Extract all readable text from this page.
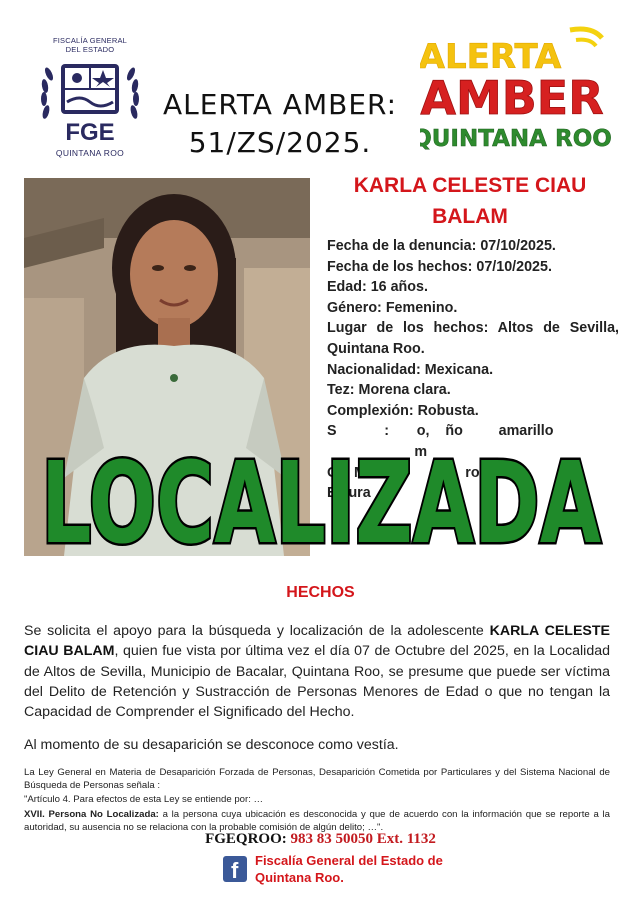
FISCALÍA GENERAL
DEL ESTADO
FGE
QUINTANA ROO
ALERTA AMBER:
51/ZS/2025.
ALERTA
AMBER
QUINTANA ROO
KARLA CELESTE CIAU
BALAM
Fecha de la denuncia: 07/10/2025.
Fecha de los hechos: 07/10/2025.
Edad: 16 años.
Género: Femenino.
Lugar de los hechos: Altos de Sevilla,
Quintana Roo.
Nacionalidad: Mexicana.
Tez: Morena clara.
Complexión: Robusta.
S	: o, ño	amarillo
m
O M s,	ro.
E   ura
LOCALIZADA
HECHOS
Se solicita el apoyo para la búsqueda y localización de la adolescente KARLA CELESTE CIAU BALAM, quien fue vista por última vez el día 07 de Octubre del 2025, en la Localidad de Altos de Sevilla, Municipio de Bacalar, Quintana Roo, se presume que puede ser víctima del Delito de Retención y Sustracción de Personas Menores de Edad o que no tengan la Capacidad de Comprender el Significado del Hecho.
Al momento de su desaparición se desconoce como vestía.

La Ley General en Materia de Desaparición Forzada de Personas, Desaparición Cometida por Particulares y del Sistema Nacional de Búsqueda de Personas señala :

"Artículo 4. Para efectos de esta Ley se entiende por: …

XVII. Persona No Localizada: a la persona cuya ubicación es desconocida y que de acuerdo con la información que se reporte a la autoridad, su ausencia no se relaciona con la probable comisión de algún delito; …".

FGEQROO: 983 83 50050 Ext. 1132
f Fiscalía General del Estado de
Quintana Roo.
